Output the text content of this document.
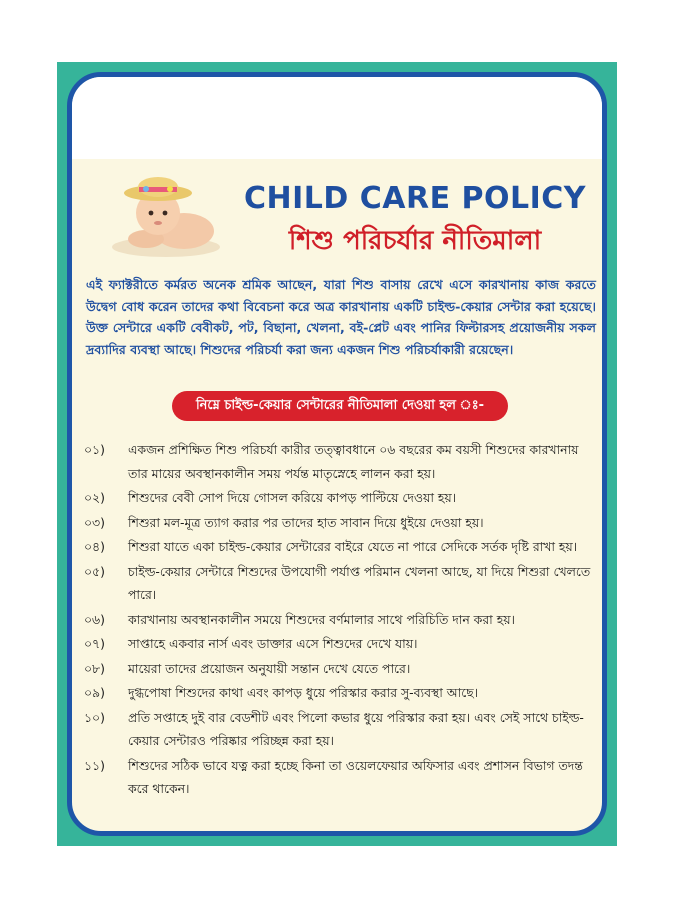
CHILD CARE POLICY
শিশু পরিচর্যার নীতিমালা
এই ফ্যাক্টরীতে কর্মরত অনেক শ্রমিক আছেন, যারা শিশু বাসায় রেখে এসে কারখানায় কাজ করতে উদ্বেগ বোধ করেন তাদের কথা বিবেচনা করে অত্র কারখানায় একটি চাইল্ড-কেয়ার সেন্টার করা হয়েছে। উক্ত সেন্টারে একটি বেবীকট, পট, বিছানা, খেলনা, বই-প্লেট এবং পানির ফিল্টারসহ প্রয়োজনীয় সকল দ্রব্যাদির ব্যবস্থা আছে। শিশুদের পরিচর্যা করা জন্য একজন শিশু পরিচর্যাকারী রয়েছেন।
নিম্নে চাইল্ড-কেয়ার সেন্টারের নীতিমালা দেওয়া হল ঃ-
০১)	একজন প্রশিক্ষিত শিশু পরিচর্যা কারীর তত্ত্বাবধানে ০৬ বছরের কম বয়সী শিশুদের কারখানায় তার মায়ের অবস্থানকালীন সময় পর্যন্ত মাতৃস্নেহে লালন করা হয়।
০২)	শিশুদের বেবী সোপ দিয়ে গোসল করিয়ে কাপড় পাল্টিয়ে দেওয়া হয়।
০৩)	শিশুরা মল-মূত্র ত্যাগ করার পর তাদের হাত সাবান দিয়ে ধুইয়ে দেওয়া হয়।
০৪)	শিশুরা যাতে একা চাইল্ড-কেয়ার সেন্টারের বাইরে যেতে না পারে সেদিকে সর্তক দৃষ্টি রাখা হয়।
০৫)	চাইল্ড-কেয়ার সেন্টারে শিশুদের উপযোগী পর্যাপ্ত পরিমান খেলনা আছে, যা দিয়ে শিশুরা খেলতে পারে।
০৬)	কারখানায় অবস্থানকালীন সময়ে শিশুদের বর্ণমালার সাথে পরিচিতি দান করা হয়।
০৭)	সাপ্তাহে একবার নার্স এবং ডাক্তার এসে শিশুদের দেখে যায়।
০৮)	মায়েরা তাদের প্রয়োজন অনুযায়ী সন্তান দেখে যেতে পারে।
০৯)	দুগ্ধপোষা শিশুদের কাথা এবং কাপড় ধুয়ে পরিস্কার করার সু-ব্যবস্থা আছে।
১০)	প্রতি সপ্তাহে দুই বার বেডশীট এবং পিলো কভার ধুয়ে পরিস্কার করা হয়। এবং সেই সাথে চাইল্ড-কেয়ার সেন্টারও পরিষ্কার পরিচ্ছন্ন করা হয়।
১১)	শিশুদের সঠিক ভাবে যত্ন করা হচ্ছে কিনা তা ওয়েলফেয়ার অফিসার এবং প্রশাসন বিভাগ তদন্ত করে থাকেন।
